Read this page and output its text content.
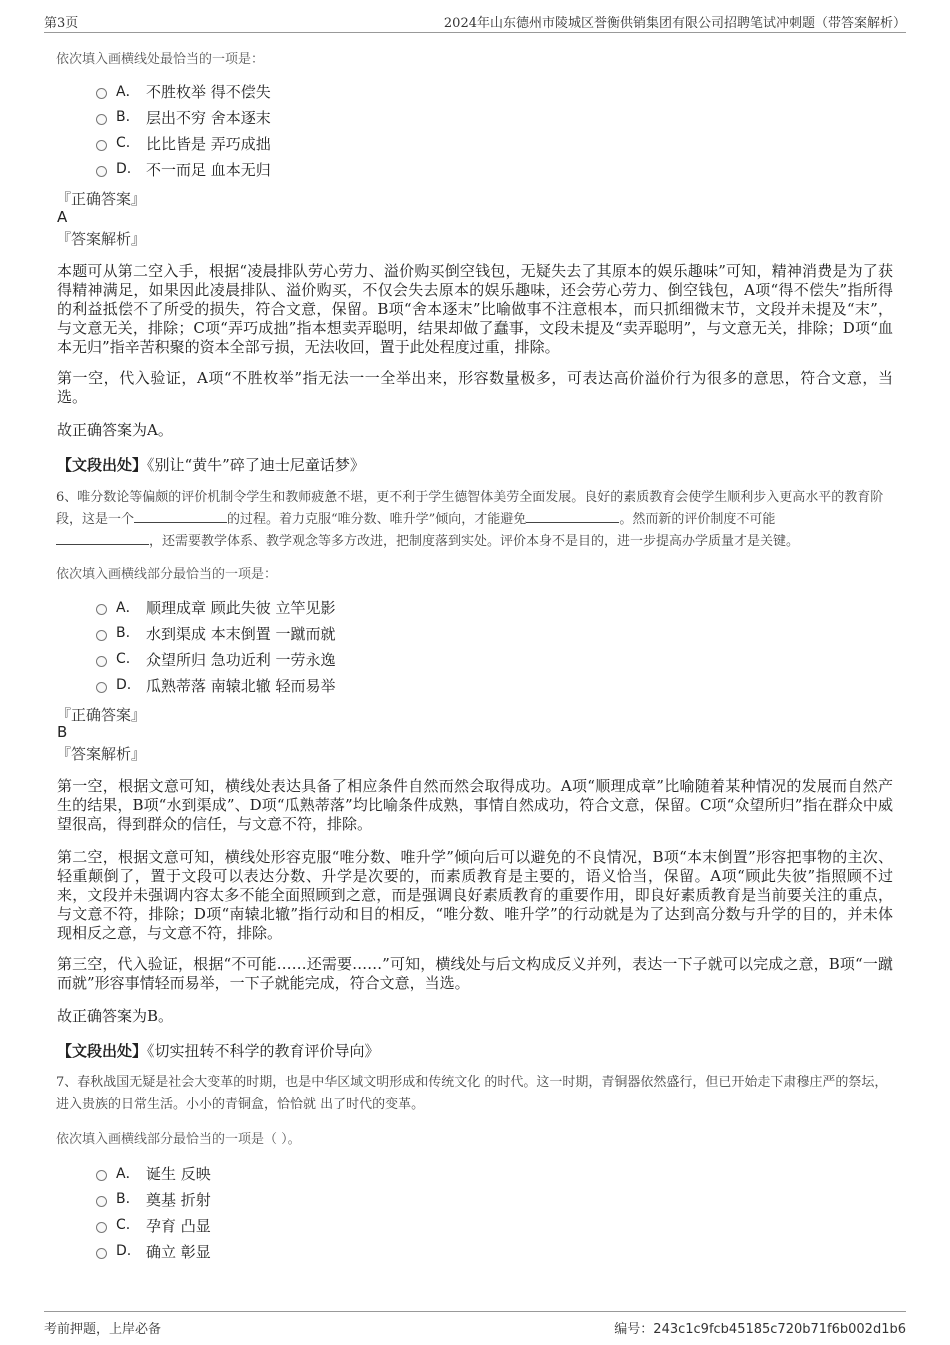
第3页	2024年山东德州市陵城区誉衡供销集团有限公司招聘笔试冲刺题（带答案解析）
依次填入画横线处最恰当的一项是：
A． 不胜枚举 得不偿失
B.	层出不穷 舍本逐末
C.	比比皆是 弄巧成拙
D. 不一而足 血本无归
『正确答案』
A
『答案解析』
本题可从第二空入手，根据“凌晨排队劳心劳力、溢价购买倒空钱包，无疑失去了其原本的娱乐趣味”可知，精神消费是为了获得精神满足，如果因此凌晨排队、溢价购买，不仅会失去原本的娱乐趣味，还会劳心劳力、倒空钱包，A项“得不偿失”指所得的利益抵偿不了所受的损失，符合文意，保留。B项“舍本逐末”比喻做事不注意根本，而只抓细微末节，文段并未提及“末”，与文意无关，排除；C项“弄巧成拙”指本想卖弄聪明，结果却做了蠢事，文段未提及“卖弄聪明”，与文意无关，排除；D项“血本无归”指辛苦积聚的资本全部亏损，无法收回，置于此处程度过重，排除。
第一空，代入验证，A项“不胜枚举”指无法一一全举出来，形容数量极多，可表达高价溢价行为很多的意思，符合文意，当选。
故正确答案为A。
【文段出处】《别让“黄牛”碎了迪士尼童话梦》
6、唯分数论等偏颇的评价机制令学生和教师疲惫不堪，更不利于学生德智体美劳全面发展。良好的素质教育会使学生顺利步入更高水平的教育阶段，这是一个	的过程。着力克服“唯分数、唯升学”倾向，才能避免	。然而新的评价制度不可能
，还需要教学体系、教学观念等多方改进，把制度落到实处。评价本身不是目的，进一步提高办学质量才是关键。
依次填入画横线部分最恰当的一项是：
A． 顺理成章 顾此失彼 立竿见影
B.	水到渠成 本末倒置 一蹴而就
C.	众望所归 急功近利 一劳永逸
D. 瓜熟蒂落 南辕北辙 轻而易举
『正确答案』
B
『答案解析』
第一空，根据文意可知，横线处表达具备了相应条件自然而然会取得成功。A项“顺理成章”比喻随着某种情况的发展而自然产生的结果，B项“水到渠成”、D项“瓜熟蒂落”均比喻条件成熟，事情自然成功，符合文意，保留。C项“众望所归”指在群众中威望很高，得到群众的信任，与文意不符，排除。
第二空，根据文意可知，横线处形容克服“唯分数、唯升学”倾向后可以避免的不良情况，B项“本末倒置”形容把事物的主次、轻重颠倒了，置于文段可以表达分数、升学是次要的，而素质教育是主要的，语义恰当，保留。A项“顾此失彼”指照顾不过来，文段并未强调内容太多不能全面照顾到之意，而是强调良好素质教育的重要作用，即良好素质教育是当前要关注的重点，与文意不符，排除；D项“南辕北辙”指行动和目的相反，“唯分数、唯升学”的行动就是为了达到高分数与升学的目的，并未体现相反之意，与文意不符，排除。
第三空，代入验证，根据“不可能……还需要……”可知，横线处与后文构成反义并列，表达一下子就可以完成之意，B项“一蹴而就”形容事情轻而易举，一下子就能完成，符合文意，当选。
故正确答案为B。
【文段出处】《切实扭转不科学的教育评价导向》
7、春秋战国无疑是社会大变革的时期，也是中华区域文明形成和传统文化 的时代。这一时期，青铜器依然盛行，但已开始走下肃穆庄严的祭坛，进入贵族的日常生活。小小的青铜盒，恰恰就 出了时代的变革。
依次填入画横线部分最恰当的一项是（ ）。
A． 诞生 反映
B.	奠基 折射
C.	孕育 凸显
D. 确立 彰显
考前押题，上岸必备	编号：243c1c9fcb45185c720b71f6b002d1b6
